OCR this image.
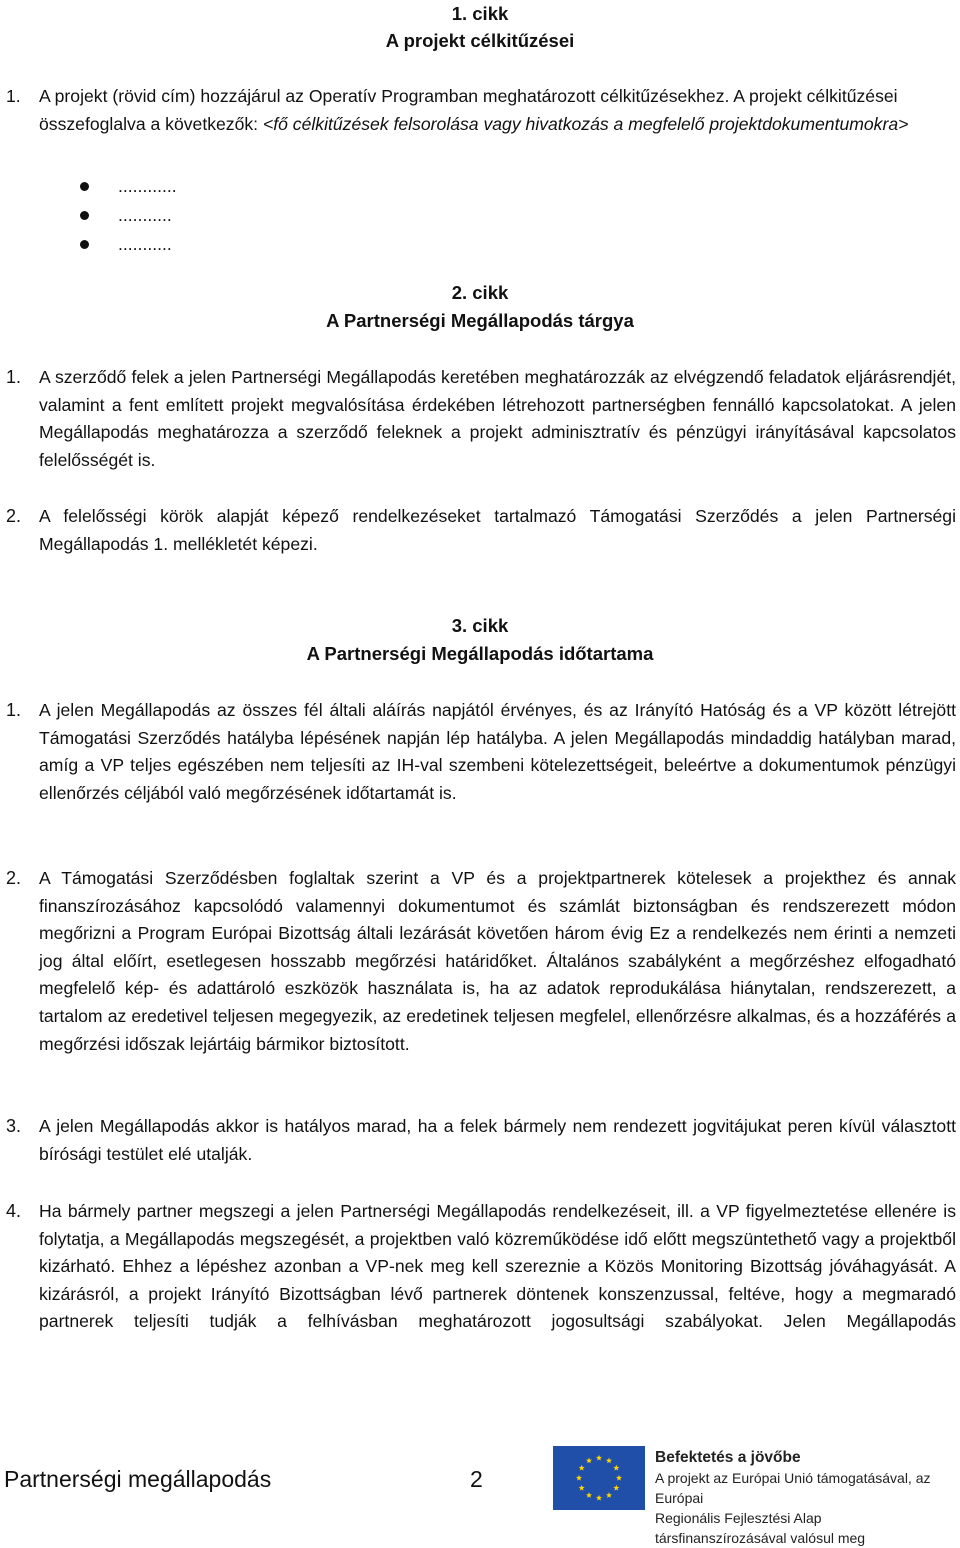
1. cikk
A projekt célkitűzései
1. A projekt (rövid cím) hozzájárul az Operatív Programban meghatározott célkitűzésekhez. A projekt célkitűzései összefoglalva a következők: <fő célkitűzések felsorolása vagy hivatkozás a megfelelő projektdokumentumokra>
............
...........
...........
2. cikk
A Partnerségi Megállapodás tárgya
1. A szerződő felek a jelen Partnerségi Megállapodás keretében meghatározzák az elvégzendő feladatok eljárásrendjét, valamint a fent említett projekt megvalósítása érdekében létrehozott partnerségben fennálló kapcsolatokat. A jelen Megállapodás meghatározza a szerződő feleknek a projekt adminisztratív és pénzügyi irányításával kapcsolatos felelősségét is.
2. A felelősségi körök alapját képező rendelkezéseket tartalmazó Támogatási Szerződés a jelen Partnerségi Megállapodás 1. mellékletét képezi.
3. cikk
A Partnerségi Megállapodás időtartama
1. A jelen Megállapodás az összes fél általi aláírás napjától érvényes, és az Irányító Hatóság és a VP között létrejött Támogatási Szerződés hatályba lépésének napján lép hatályba. A jelen Megállapodás mindaddig hatályban marad, amíg a VP teljes egészében nem teljesíti az IH-val szembeni kötelezettségeit, beleértve a dokumentumok pénzügyi ellenőrzés céljából való megőrzésének időtartamát is.
2. A Támogatási Szerződésben foglaltak szerint a VP és a projektpartnerek kötelesek a projekthez és annak finanszírozásához kapcsolódó valamennyi dokumentumot és számlát biztonságban és rendszerezett módon megőrizni a Program Európai Bizottság általi lezárását követően három évig Ez a rendelkezés nem érinti a nemzeti jog által előírt, esetlegesen hosszabb megőrzési határidőket. Általános szabályként a megőrzéshez elfogadható megfelelő kép- és adattároló eszközök használata is, ha az adatok reprodukálása hiánytalan, rendszerezett, a tartalom az eredetivel teljesen megegyezik, az eredetinek teljesen megfelel, ellenőrzésre alkalmas, és a hozzáférés a megőrzési időszak lejártáig bármikor biztosított.
3. A jelen Megállapodás akkor is hatályos marad, ha a felek bármely nem rendezett jogvitájukat peren kívül választott bírósági testület elé utalják.
4. Ha bármely partner megszegi a jelen Partnerségi Megállapodás rendelkezéseit, ill. a VP figyelmeztetése ellenére is folytatja, a Megállapodás megszegését, a projektben való közreműködése idő előtt megszüntethető vagy a projektből kizárható. Ehhez a lépéshez azonban a VP-nek meg kell szereznie a Közös Monitoring Bizottság jóváhagyását. A kizárásról, a projekt Irányító Bizottságban lévő partnerek döntenek konszenzussal, feltéve, hogy a megmaradó partnerek teljesíti tudják a felhívásban meghatározott jogosultsági szabályokat. Jelen Megállapodás
Partnerségi megállapodás	2
Befektetés a jövőbe
A projekt az Európai Unió támogatásával, az Európai
Regionális Fejlesztési Alap társfinanszírozásával valósul meg
